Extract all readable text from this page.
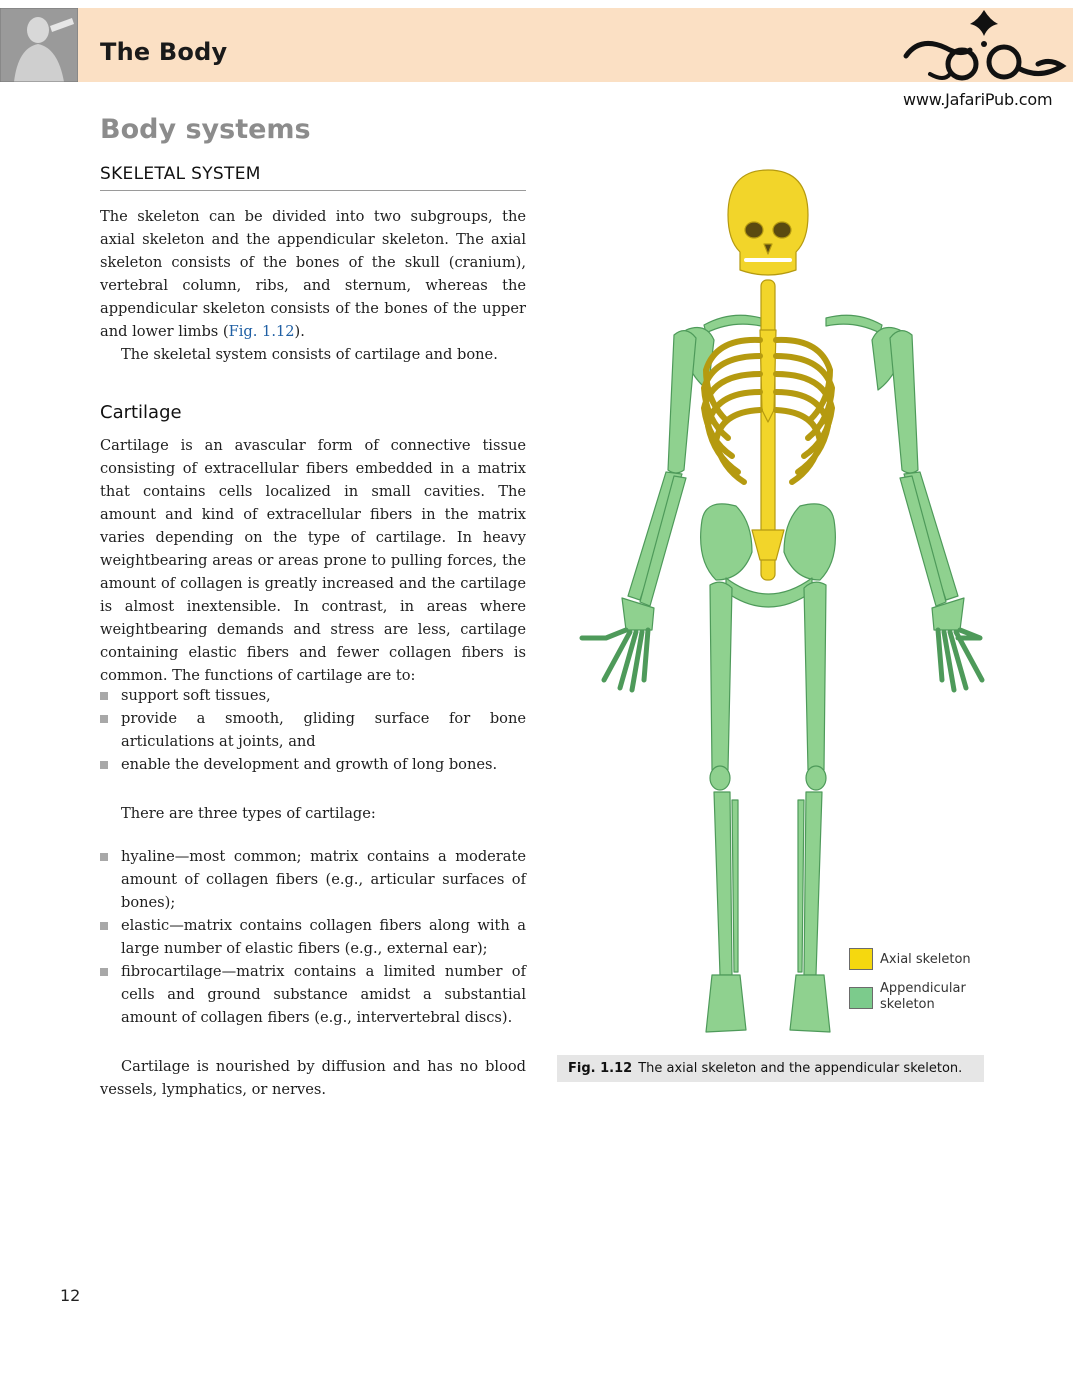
The Body
www.JafariPub.com
Body systems
SKELETAL SYSTEM

The skeleton can be divided into two subgroups, the axial skeleton and the appendicular skeleton. The axial skeleton consists of the bones of the skull (cranium), vertebral column, ribs, and sternum, whereas the appendicular skeleton consists of the bones of the upper and lower limbs (Fig. 1.12).

The skeletal system consists of cartilage and bone.

Cartilage
Cartilage is an avascular form of connective tissue consisting of extracellular fibers embedded in a matrix that contains cells localized in small cavities. The amount and kind of extracellular fibers in the matrix varies depending on the type of cartilage. In heavy weightbearing areas or areas prone to pulling forces, the amount of collagen is greatly increased and the cartilage is almost inextensible. In contrast, in areas where weightbearing demands and stress are less, cartilage containing elastic fibers and fewer collagen fibers is common. The functions of cartilage are to:
support soft tissues,
provide a smooth, gliding surface for bone articulations at joints, and
enable the development and growth of long bones.

There are three types of cartilage:

hyaline—most common; matrix contains a moderate amount of collagen fibers (e.g., articular surfaces of bones);
elastic—matrix contains collagen fibers along with a large number of elastic fibers (e.g., external ear);
fibrocartilage—matrix contains a limited number of cells and ground substance amidst a substantial amount of collagen fibers (e.g., intervertebral discs).

Cartilage is nourished by diffusion and has no blood vessels, lymphatics, or nerves.

Axial skeleton
Appendicular
skeleton
Fig. 1.12 The axial skeleton and the appendicular skeleton.
12
